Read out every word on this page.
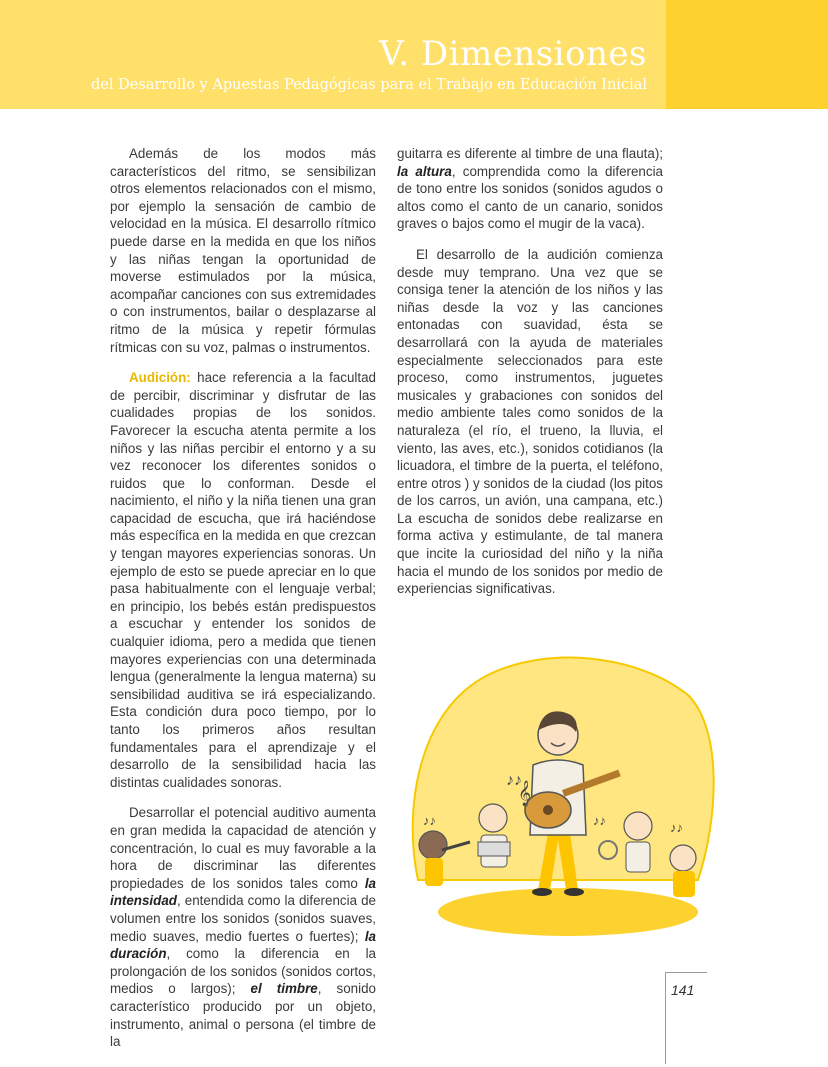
V. Dimensiones
del Desarrollo y Apuestas Pedagógicas para el Trabajo en Educación Inicial

Además de los modos más característicos del ritmo, se sensibilizan otros elementos relacionados con el mismo, por ejemplo la sensación de cambio de velocidad en la música. El desarrollo rítmico puede darse en la medida en que los niños y las niñas tengan la oportunidad de moverse estimulados por la música, acompañar canciones con sus extremidades o con instrumentos, bailar o desplazarse al ritmo de la música y repetir fórmulas rítmicas con su voz, palmas o instrumentos.

Audición: hace referencia a la facultad de percibir, discriminar y disfrutar de las cualidades propias de los sonidos. Favorecer la escucha atenta permite a los niños y las niñas percibir el entorno y a su vez reconocer los diferentes sonidos o ruidos que lo conforman. Desde el nacimiento, el niño y la niña tienen una gran capacidad de escucha, que irá haciéndose más específica en la medida en que crezcan y tengan mayores experiencias sonoras. Un ejemplo de esto se puede apreciar en lo que pasa habitualmente con el lenguaje verbal; en principio, los bebés están predispuestos a escuchar y entender los sonidos de cualquier idioma, pero a medida que tienen mayores experiencias con una determinada lengua (generalmente la lengua materna) su sensibilidad auditiva se irá especializando. Esta condición dura poco tiempo, por lo tanto los primeros años resultan fundamentales para el aprendizaje y el desarrollo de la sensibilidad hacia las distintas cualidades sonoras.

Desarrollar el potencial auditivo aumenta en gran medida la capacidad de atención y concentración, lo cual es muy favorable a la hora de discriminar las diferentes propiedades de los sonidos tales como la intensidad, entendida como la diferencia de volumen entre los sonidos (sonidos suaves, medio suaves, medio fuertes o fuertes); la duración, como la diferencia en la prolongación de los sonidos (sonidos cortos, medios o largos); el timbre, sonido característico producido por un objeto, instrumento, animal o persona (el timbre de la

guitarra es diferente al timbre de una flauta); la altura, comprendida como la diferencia de tono entre los sonidos (sonidos agudos o altos como el canto de un canario, sonidos graves o bajos como el mugir de la vaca).

El desarrollo de la audición comienza desde muy temprano. Una vez que se consiga tener la atención de los niños y las niñas desde la voz y las canciones entonadas con suavidad, ésta se desarrollará con la ayuda de materiales especialmente seleccionados para este proceso, como instrumentos, juguetes musicales y grabaciones con sonidos del medio ambiente tales como sonidos de la naturaleza (el río, el trueno, la lluvia, el viento, las aves, etc.), sonidos cotidianos (la licuadora, el timbre de la puerta, el teléfono, entre otros ) y sonidos de la ciudad (los pitos de los carros, un avión, una campana, etc.) La escucha de sonidos debe realizarse en forma activa y estimulante, de tal manera que incite la curiosidad del niño y la niña hacia el mundo de los sonidos por medio de experiencias significativas.

♪♪
𝄞
♪♪	♪♪	♪♪
141
